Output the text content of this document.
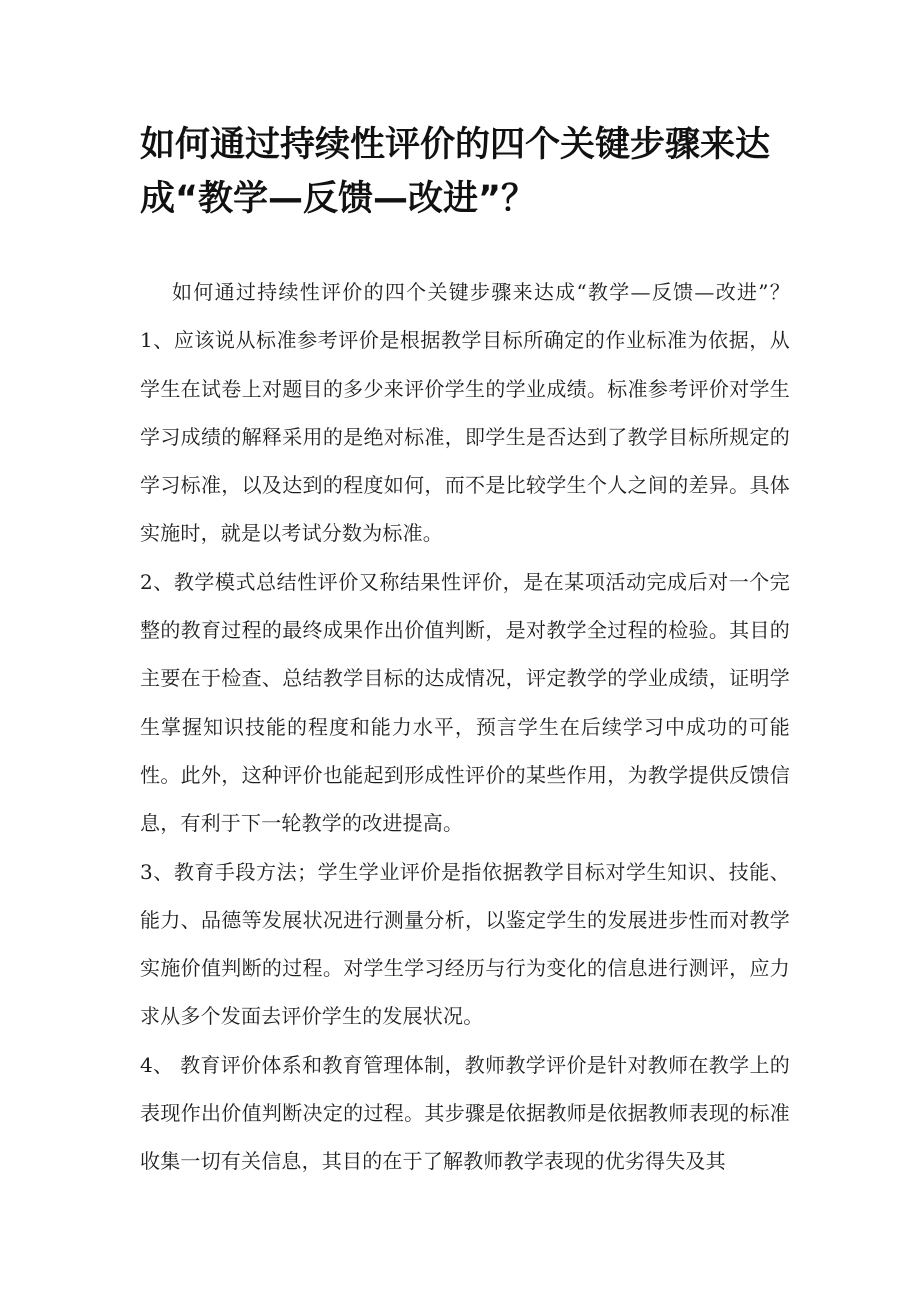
如何通过持续性评价的四个关键步骤来达成“教学—反馈—改进”？

如何通过持续性评价的四个关键步骤来达成“教学—反馈—改进”？1、应该说从标准参考评价是根据教学目标所确定的作业标准为依据，从学生在试卷上对题目的多少来评价学生的学业成绩。标准参考评价对学生学习成绩的解释采用的是绝对标准，即学生是否达到了教学目标所规定的学习标准，以及达到的程度如何，而不是比较学生个人之间的差异。具体实施时，就是以考试分数为标准。

2、教学模式总结性评价又称结果性评价，是在某项活动完成后对一个完整的教育过程的最终成果作出价值判断，是对教学全过程的检验。其目的主要在于检查、总结教学目标的达成情况，评定教学的学业成绩，证明学生掌握知识技能的程度和能力水平，预言学生在后续学习中成功的可能性。此外，这种评价也能起到形成性评价的某些作用，为教学提供反馈信息，有利于下一轮教学的改进提高。

3、教育手段方法；学生学业评价是指依据教学目标对学生知识、技能、能力、品德等发展状况进行测量分析，以鉴定学生的发展进步性而对教学实施价值判断的过程。对学生学习经历与行为变化的信息进行测评，应力求从多个发面去评价学生的发展状况。

4、 教育评价体系和教育管理体制，教师教学评价是针对教师在教学上的表现作出价值判断决定的过程。其步骤是依据教师是依据教师表现的标准收集一切有关信息，其目的在于了解教师教学表现的优劣得失及其
